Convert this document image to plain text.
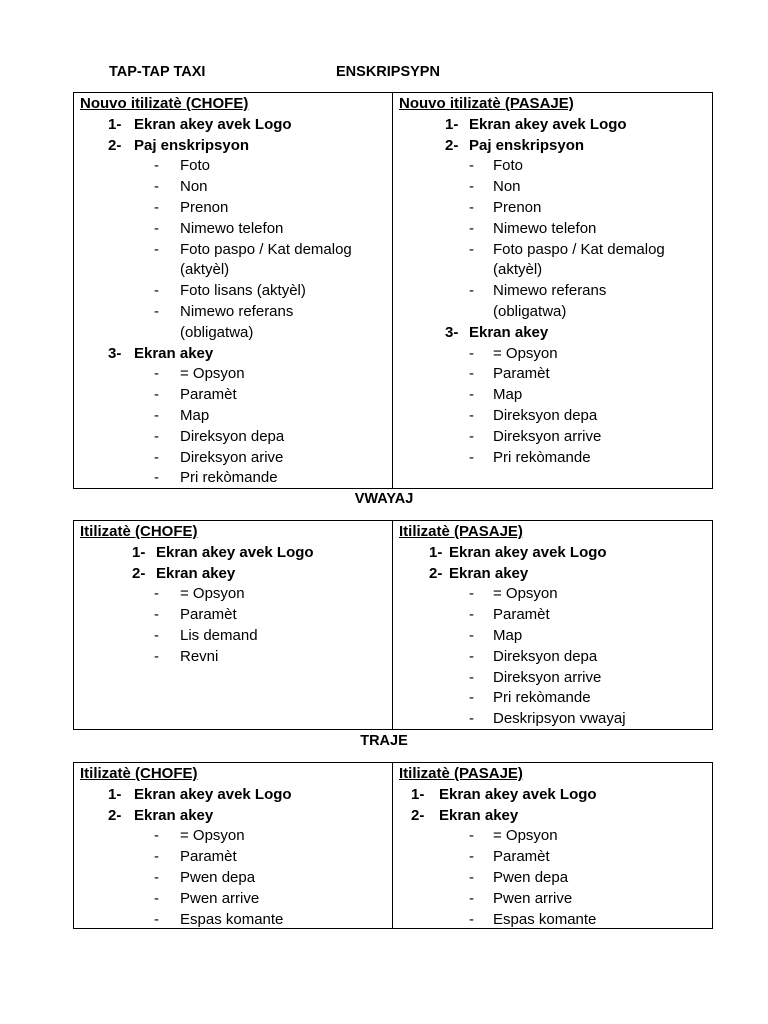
TAP-TAP TAXI	ENSKRIPSYPN
Nouvo itilizatè (CHOFE)
1- Ekran akey avek Logo
2- Paj enskripsyon
- Foto
- Non
- Prenon
- Nimewo telefon
- Foto paspo / Kat demalog
(aktyèl)
- Foto lisans (aktyèl)
- Nimewo referans
(obligatwa)
3- Ekran akey
- = Opsyon
- Paramèt
- Map
- Direksyon depa
- Direksyon arive
- Pri rekòmande
Nouvo itilizatè (PASAJE)
1- Ekran akey avek Logo
2- Paj enskripsyon
- Foto
- Non
- Prenon
- Nimewo telefon
- Foto paspo / Kat demalog
(aktyèl)
- Nimewo referans
(obligatwa)
3- Ekran akey
- = Opsyon
- Paramèt
- Map
- Direksyon depa
- Direksyon arrive
- Pri rekòmande
VWAYAJ
Itilizatè (CHOFE)
1- Ekran akey avek Logo
2- Ekran akey
- = Opsyon
- Paramèt
- Lis demand
- Revni
Itilizatè (PASAJE)
1- Ekran akey avek Logo
2- Ekran akey
- = Opsyon
- Paramèt
- Map
- Direksyon depa
- Direksyon arrive
- Pri rekòmande
- Deskripsyon vwayaj
TRAJE
Itilizatè (CHOFE)
1- Ekran akey avek Logo
2- Ekran akey
- = Opsyon
- Paramèt
- Pwen depa
- Pwen arrive
- Espas komante
Itilizatè (PASAJE)
1- Ekran akey avek Logo
2- Ekran akey
- = Opsyon
- Paramèt
- Pwen depa
- Pwen arrive
- Espas komante
